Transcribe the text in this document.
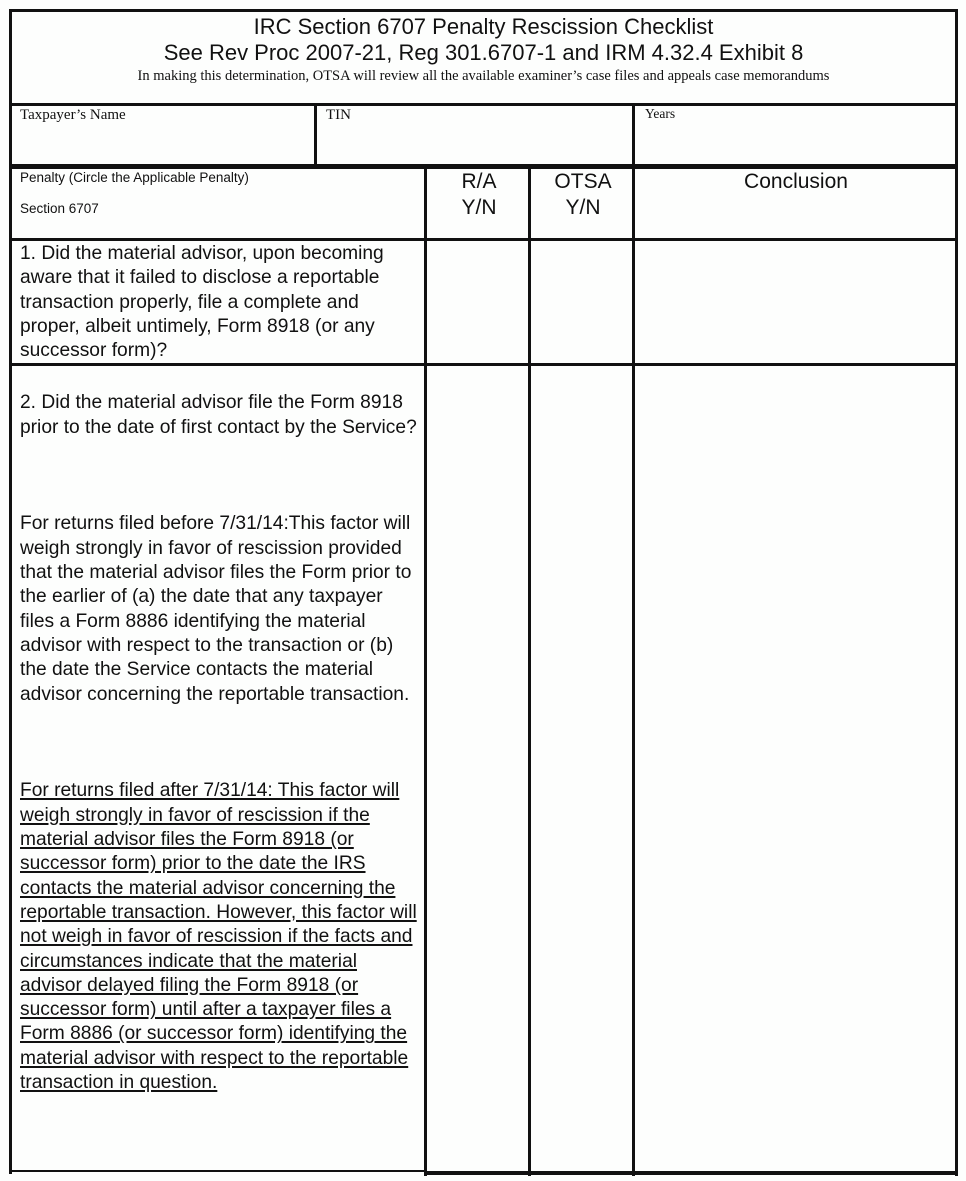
IRC Section 6707 Penalty Rescission Checklist
See Rev Proc 2007-21, Reg 301.6707-1 and IRM 4.32.4 Exhibit 8
In making this determination, OTSA will review all the available examiner’s case files and appeals case memorandums
Taxpayer’s Name	TIN	Years
Penalty (Circle the Applicable Penalty)
Section 6707
R/A
Y/N
OTSA
Y/N
Conclusion
1. Did the material advisor, upon becoming aware that it failed to disclose a reportable transaction properly, file a complete and proper, albeit untimely, Form 8918 (or any successor form)?

2. Did the material advisor file the Form 8918 prior to the date of first contact by the Service?

For returns filed before 7/31/14:This factor will weigh strongly in favor of rescission provided that the material advisor files the Form prior to the earlier of (a) the date that any taxpayer files a Form 8886 identifying the material advisor with respect to the transaction or (b) the date the Service contacts the material advisor concerning the reportable transaction.

For returns filed after 7/31/14: This factor will weigh strongly in favor of rescission if the material advisor files the Form 8918 (or successor form) prior to the date the IRS contacts the material advisor concerning the reportable transaction. However, this factor will not weigh in favor of rescission if the facts and circumstances indicate that the material advisor delayed filing the Form 8918 (or successor form) until after a taxpayer files a Form 8886 (or successor form) identifying the material advisor with respect to the reportable transaction in question.
